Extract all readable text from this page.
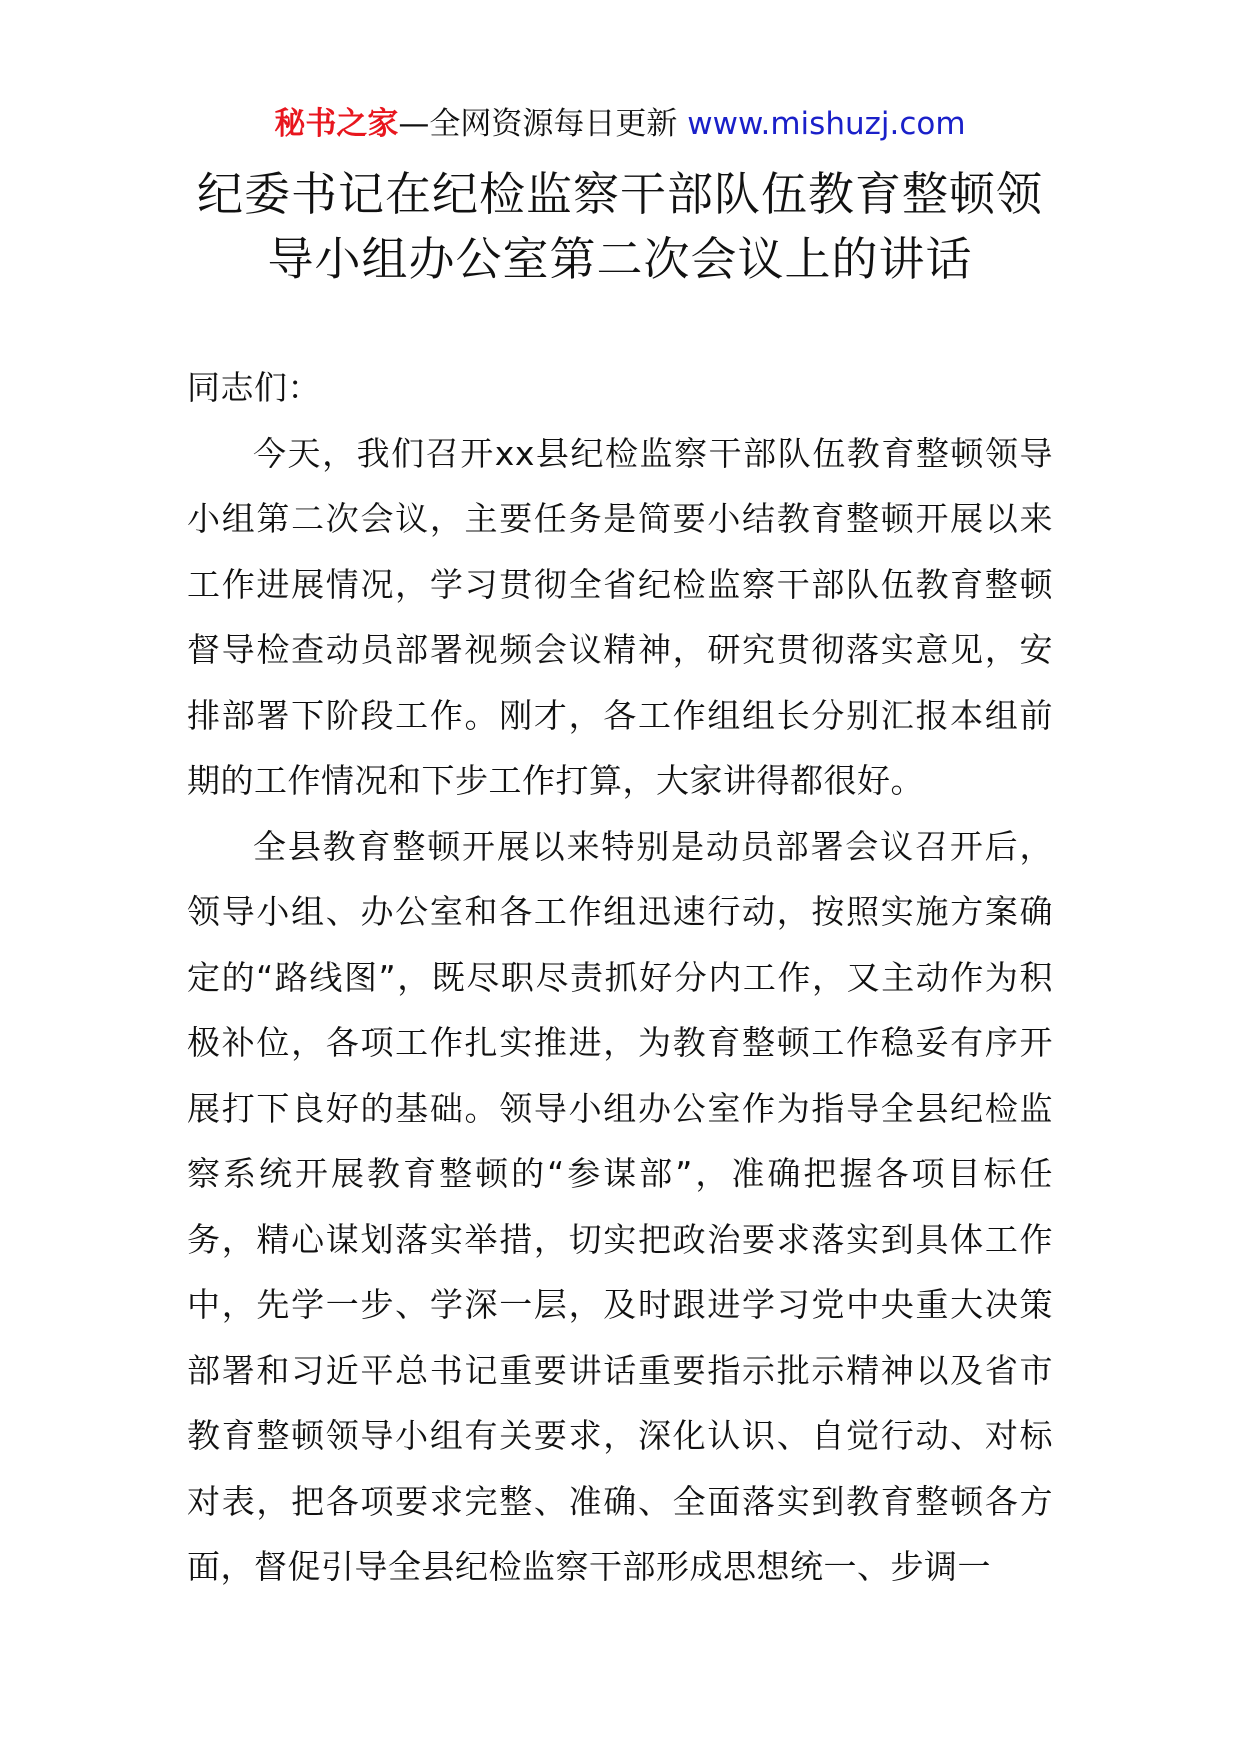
秘书之家—全网资源每日更新 www.mishuzj.com
纪委书记在纪检监察干部队伍教育整顿领
导小组办公室第二次会议上的讲话

同志们：

今天，我们召开xx县纪检监察干部队伍教育整顿领导小组第二次会议，主要任务是简要小结教育整顿开展以来工作进展情况，学习贯彻全省纪检监察干部队伍教育整顿督导检查动员部署视频会议精神，研究贯彻落实意见，安排部署下阶段工作。刚才，各工作组组长分别汇报本组前期的工作情况和下步工作打算，大家讲得都很好。

全县教育整顿开展以来特别是动员部署会议召开后，领导小组、办公室和各工作组迅速行动，按照实施方案确定的“路线图”，既尽职尽责抓好分内工作，又主动作为积极补位，各项工作扎实推进，为教育整顿工作稳妥有序开展打下良好的基础。领导小组办公室作为指导全县纪检监察系统开展教育整顿的“参谋部”，准确把握各项目标任务，精心谋划落实举措，切实把政治要求落实到具体工作中，先学一步、学深一层，及时跟进学习党中央重大决策部署和习近平总书记重要讲话重要指示批示精神以及省市教育整顿领导小组有关要求，深化认识、自觉行动、对标对表，把各项要求完整、准确、全面落实到教育整顿各方面，督促引导全县纪检监察干部形成思想统一、步调一
